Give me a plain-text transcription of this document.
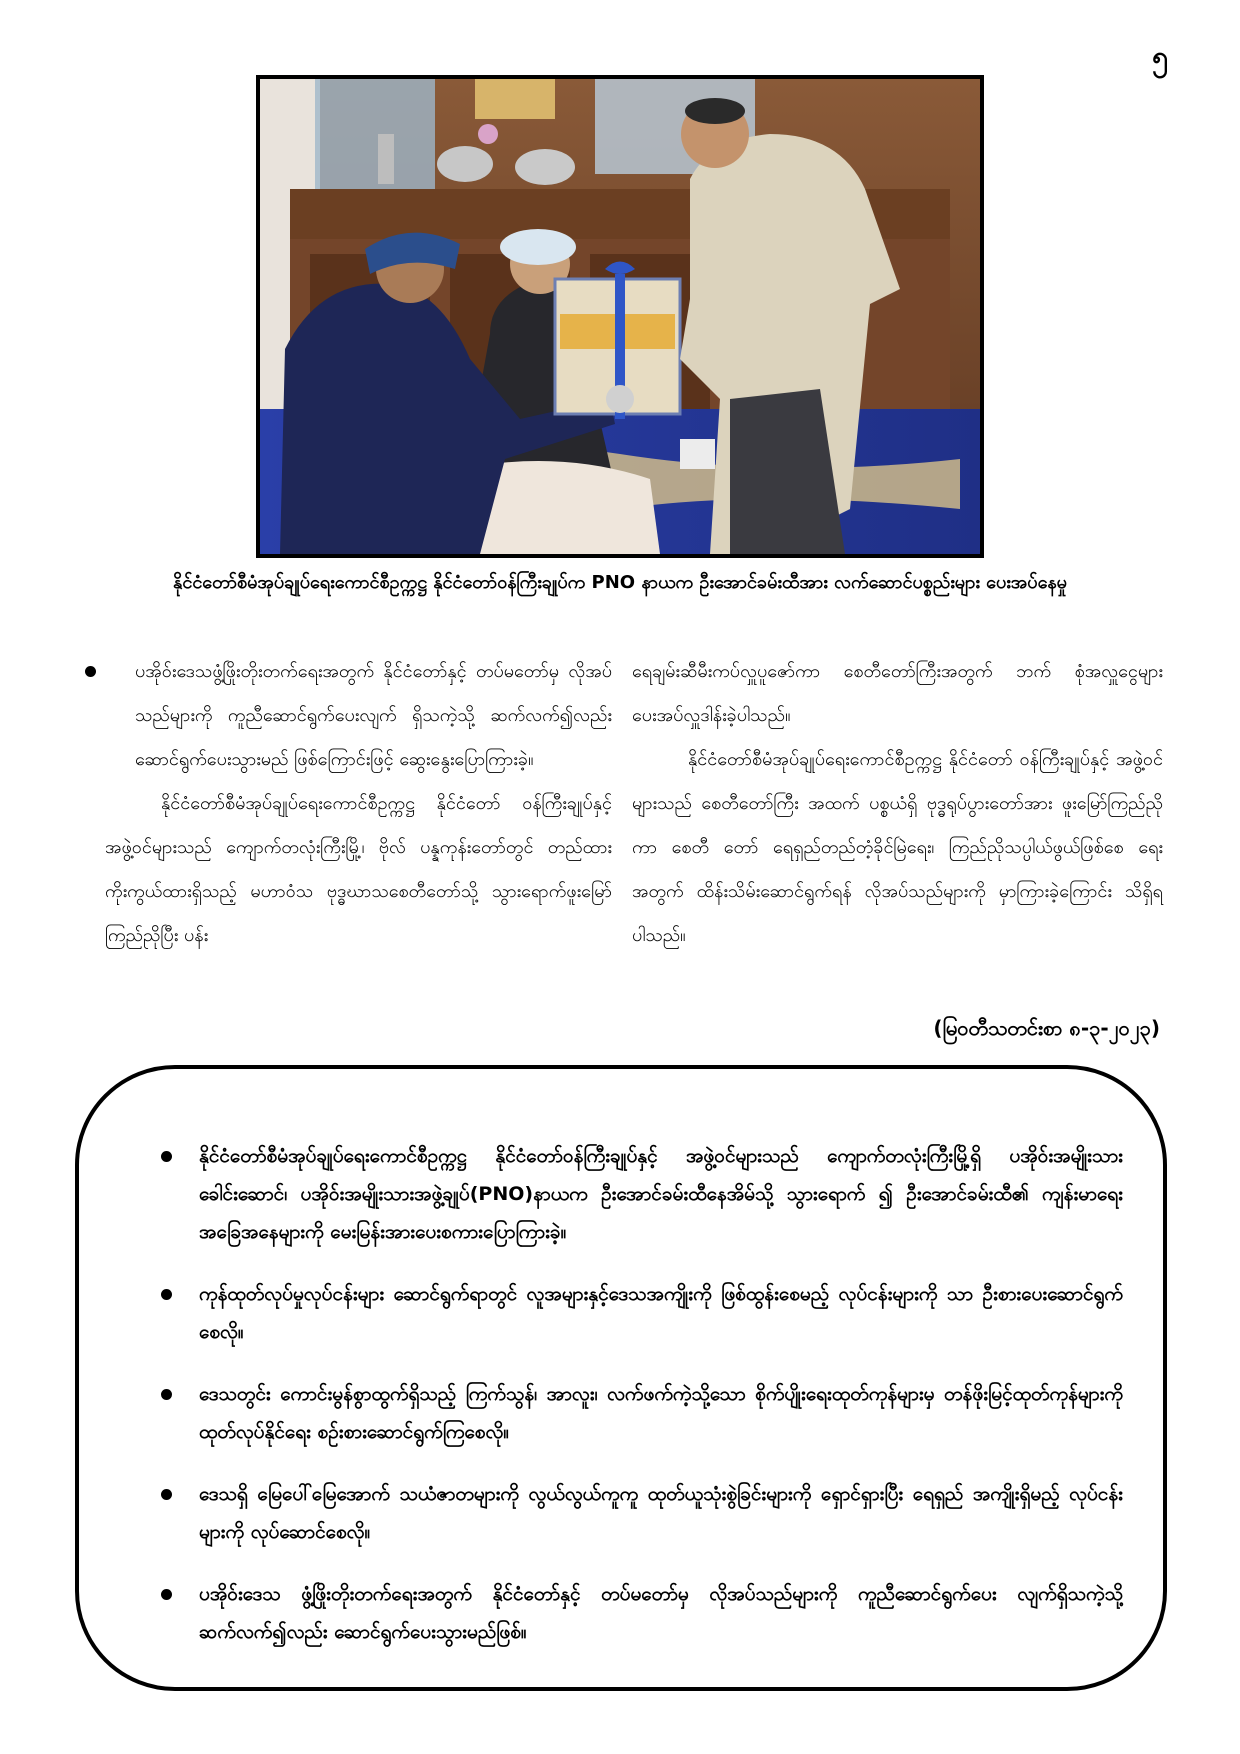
၅
နိုင်ငံတော်စီမံအုပ်ချုပ်ရေးကောင်စီဥက္ကဋ္ဌ နိုင်ငံတော်ဝန်ကြီးချုပ်က PNO နာယက ဦးအောင်ခမ်းထီအား လက်ဆောင်ပစ္စည်းများ ပေးအပ်နေမှု

ပအိုဝ်းဒေသဖွံ့ဖြိုးတိုးတက်ရေးအတွက် နိုင်ငံတော်နှင့် တပ်မတော်မှ လိုအပ်သည်များကို ကူညီဆောင်ရွက်ပေးလျက် ရှိသကဲ့သို့ ဆက်လက်၍လည်း ဆောင်ရွက်ပေးသွားမည် ဖြစ်ကြောင်းဖြင့် ဆွေးနွေးပြောကြားခဲ့။

နိုင်ငံတော်စီမံအုပ်ချုပ်ရေးကောင်စီဥက္ကဋ္ဌ နိုင်ငံတော် ဝန်ကြီးချုပ်နှင့် အဖွဲ့ဝင်များသည် ကျောက်တလုံးကြီးမြို့၊ ဗိုလ် ပန္နကုန်းတော်တွင် တည်ထားကိုးကွယ်ထားရှိသည့် မဟာဝံသ ဗုဒ္ဓဃာသစေတီတော်သို့ သွားရောက်ဖူးမြော်ကြည်ညိုပြီး ပန်း

ရေချမ်းဆီမီးကပ်လှူပူဇော်ကာ စေတီတော်ကြီးအတွက် ဘက် စုံအလှူငွေများ ပေးအပ်လှူဒါန်းခဲ့ပါသည်။

နိုင်ငံတော်စီမံအုပ်ချုပ်ရေးကောင်စီဥက္ကဋ္ဌ နိုင်ငံတော် ဝန်ကြီးချုပ်နှင့် အဖွဲ့ဝင်များသည် စေတီတော်ကြီး အထက် ပစ္စယံရှိ ဗုဒ္ဓရုပ်ပွားတော်အား ဖူးမြော်ကြည်ညိုကာ စေတီ တော် ရေရှည်တည်တံ့ခိုင်မြဲရေး၊ ကြည်ညိုသပ္ပါယ်ဖွယ်ဖြစ်စေ ရေးအတွက် ထိန်းသိမ်းဆောင်ရွက်ရန် လိုအပ်သည်များကို မှာကြားခဲ့ကြောင်း သိရှိရပါသည်။

(မြဝတီသတင်းစာ ၈-၃-၂၀၂၃)
နိုင်ငံတော်စီမံအုပ်ချုပ်ရေးကောင်စီဥက္ကဋ္ဌ နိုင်ငံတော်ဝန်ကြီးချုပ်နှင့် အဖွဲ့ဝင်များသည် ကျောက်တလုံးကြီးမြို့ရှိ ပအိုဝ်းအမျိုးသားခေါင်းဆောင်၊ ပအိုဝ်းအမျိုးသားအဖွဲ့ချုပ်(PNO)နာယက ဦးအောင်ခမ်းထီနေအိမ်သို့ သွားရောက် ၍ ဦးအောင်ခမ်းထီ၏ ကျန်းမာရေးအခြေအနေများကို မေးမြန်းအားပေးစကားပြောကြားခဲ့။
ကုန်ထုတ်လုပ်မှုလုပ်ငန်းများ ဆောင်ရွက်ရာတွင် လူအများနှင့်ဒေသအကျိုးကို ဖြစ်ထွန်းစေမည့် လုပ်ငန်းများကို သာ ဦးစားပေးဆောင်ရွက်စေလို။
ဒေသတွင်း ကောင်းမွန်စွာထွက်ရှိသည့် ကြက်သွန်၊ အာလူး၊ လက်ဖက်ကဲ့သို့သော စိုက်ပျိုးရေးထုတ်ကုန်များမှ တန်ဖိုးမြင့်ထုတ်ကုန်များကို ထုတ်လုပ်နိုင်ရေး စဉ်းစားဆောင်ရွက်ကြစေလို။
ဒေသရှိ မြေပေါ်မြေအောက် သယံဇာတများကို လွယ်လွယ်ကူကူ ထုတ်ယူသုံးစွဲခြင်းများကို ရှောင်ရှားပြီး ရေရှည် အကျိုးရှိမည့် လုပ်ငန်းများကို လုပ်ဆောင်စေလို။
ပအိုဝ်းဒေသ ဖွံ့ဖြိုးတိုးတက်ရေးအတွက် နိုင်ငံတော်နှင့် တပ်မတော်မှ လိုအပ်သည်များကို ကူညီဆောင်ရွက်ပေး လျက်ရှိသကဲ့သို့ ဆက်လက်၍လည်း ဆောင်ရွက်ပေးသွားမည်ဖြစ်။
